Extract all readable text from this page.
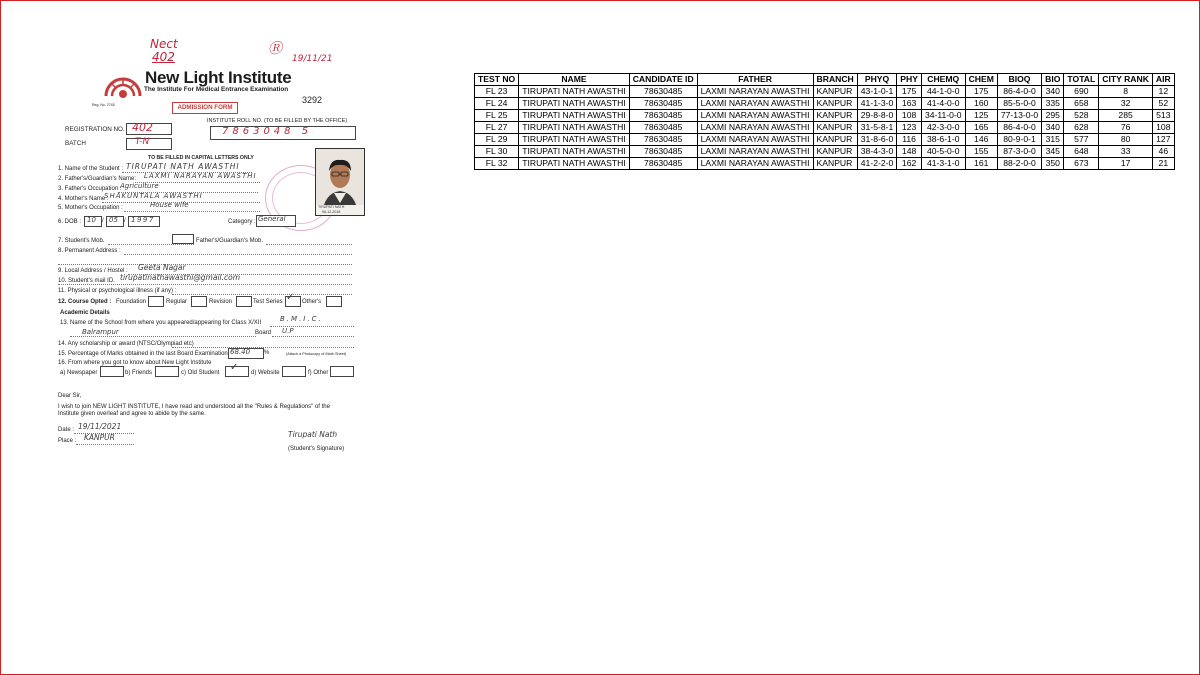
Nect
402	Ⓡ
19/11/21
New Light Institute
The Institute For Medical Entrance Examination
Reg. No. 2748	3292
ADMISSION FORM
INSTITUTE ROLL NO. (TO BE FILLED BY THE OFFICE)
7863048 5
REGISTRATION NO. 402
BATCH	T-N
TO BE FILLED IN CAPITAL LETTERS ONLY
TIRUPATI NATH
06-12-2018
1. Name of the Student : TIRUPATI NATH AWASTHI
2. Father's/Guardian's Name: LAXMI NARAYAN AWASTHI
3. Father's Occupation :
Agriculture
4. Mother's Name :
SHAKUNTALA AWASTHI
5. Mother's Occupation :	House wife
6. DOB : 10 / 05 / 1997	Category : General
7. Student's Mob.	Father's/Guardian's Mob.
8. Permanent Address :
9. Local Address / Hostel : Geeta Nagar
10. Student's mail ID. tirupatinathawasthi@gmail.com
11. Physical or psychological illness (if any) :
12. Course Opted : Foundation	Regular	Revision	Test Series ✓ Other's
Academic Details
13. Name of the School from where you appeared/appearing for Class X/XII	B.M.I.C.
Balrampur	Board U.P
14. Any scholarship or award (NTSC/Olympiad etc)
15. Percentage of Marks obtained in the last Board Examination 68.40 %	(Attach a Photocopy of Mark Sheet)
16. From where you got to know about New Light Institute
a) Newspaper	b) Friends	c) Old Student ✓ d) Website	f) Other
Dear Sir,
I wish to join NEW LIGHT INSTITUTE, I have read and understood all the "Rules & Regulations" of the Institute given overleaf and agree to abide by the same.
Date : 19/11/2021
Place : KANPUR	Tirupati Nath
(Student's Signature)
TEST NO	NAME	CANDIDATE ID	FATHER	BRANCH	PHYQ	PHY	CHEMQ	CHEM	BIOQ	BIO	TOTAL	CITY RANK	AIR
FL 23	TIRUPATI NATH AWASTHI	78630485	LAXMI NARAYAN AWASTHI	KANPUR	43-1-0-1	175	44-1-0-0	175	86-4-0-0	340	690	8	12
FL 24	TIRUPATI NATH AWASTHI	78630485	LAXMI NARAYAN AWASTHI	KANPUR	41-1-3-0	163	41-4-0-0	160	85-5-0-0	335	658	32	52
FL 25	TIRUPATI NATH AWASTHI	78630485	LAXMI NARAYAN AWASTHI	KANPUR	29-8-8-0	108	34-11-0-0	125	77-13-0-0	295	528	285	513
FL 27	TIRUPATI NATH AWASTHI	78630485	LAXMI NARAYAN AWASTHI	KANPUR	31-5-8-1	123	42-3-0-0	165	86-4-0-0	340	628	76	108
FL 29	TIRUPATI NATH AWASTHI	78630485	LAXMI NARAYAN AWASTHI	KANPUR	31-8-6-0	116	38-6-1-0	146	80-9-0-1	315	577	80	127
FL 30	TIRUPATI NATH AWASTHI	78630485	LAXMI NARAYAN AWASTHI	KANPUR	38-4-3-0	148	40-5-0-0	155	87-3-0-0	345	648	33	46
FL 32	TIRUPATI NATH AWASTHI	78630485	LAXMI NARAYAN AWASTHI	KANPUR	41-2-2-0	162	41-3-1-0	161	88-2-0-0	350	673	17	21
